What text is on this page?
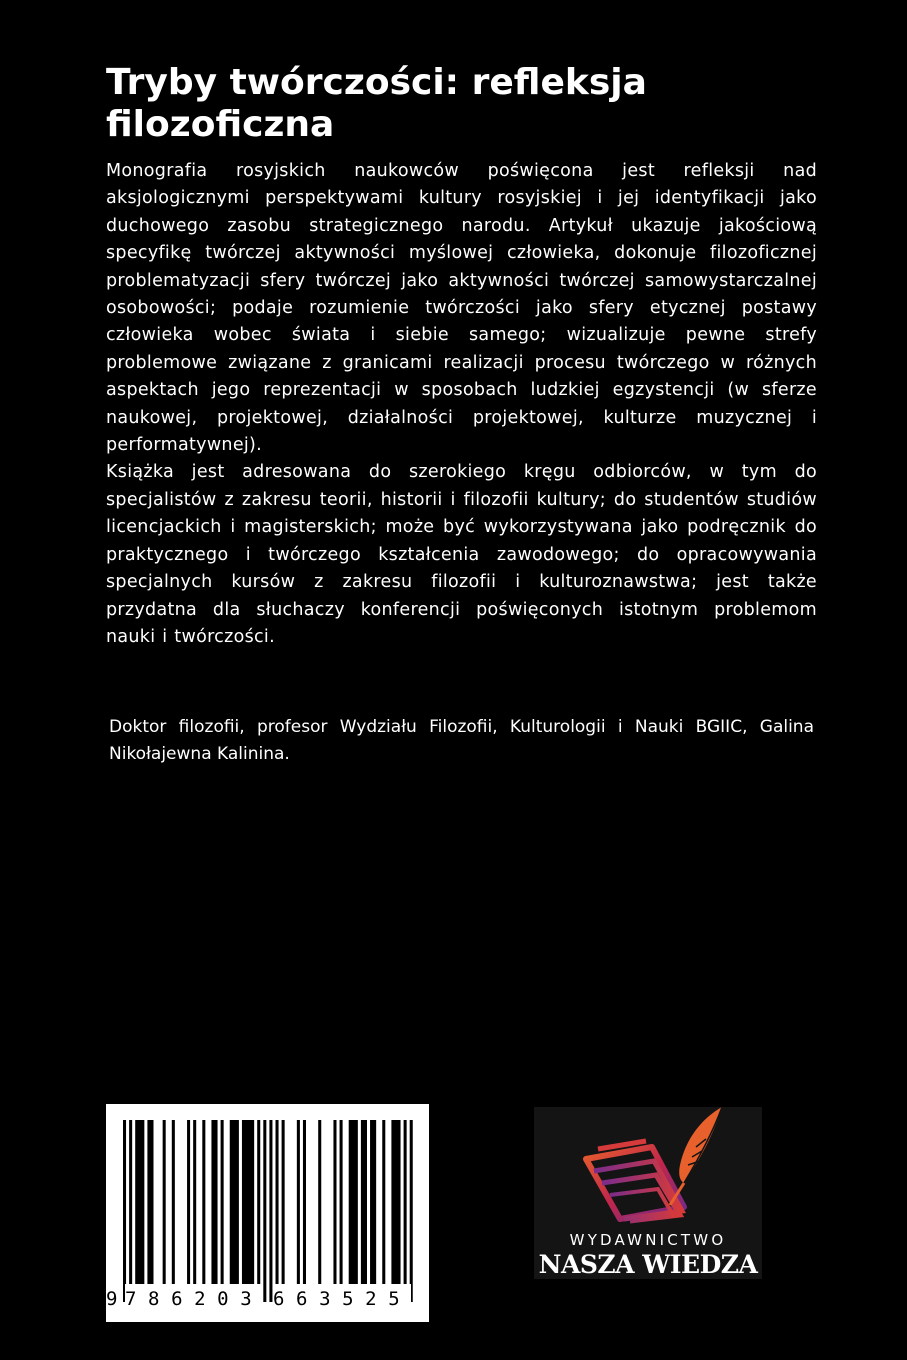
Tryby twórczości: refleksja filozoficzna

Monografia rosyjskich naukowców poświęcona jest refleksji nad aksjologicznymi perspektywami kultury rosyjskiej i jej identyfikacji jako duchowego zasobu strategicznego narodu. Artykuł ukazuje jakościową specyfikę twórczej aktywności myślowej człowieka, dokonuje filozoficznej problematyzacji sfery twórczej jako aktywności twórczej samowystarczalnej osobowości; podaje rozumienie twórczości jako sfery etycznej postawy człowieka wobec świata i siebie samego; wizualizuje pewne strefy problemowe związane z granicami realizacji procesu twórczego w różnych aspektach jego reprezentacji w sposobach ludzkiej egzystencji (w sferze naukowej, projektowej, działalności projektowej, kulturze muzycznej i performatywnej).

Książka jest adresowana do szerokiego kręgu odbiorców, w tym do specjalistów z zakresu teorii, historii i filozofii kultury; do studentów studiów licencjackich i magisterskich; może być wykorzystywana jako podręcznik do praktycznego i twórczego kształcenia zawodowego; do opracowywania specjalnych kursów z zakresu filozofii i kulturoznawstwa; jest także przydatna dla słuchaczy konferencji poświęconych istotnym problemom nauki i twórczości.

Doktor filozofii, profesor Wydziału Filozofii, Kulturologii i Nauki BGIIC, Galina Nikołajewna Kalinina.
9 786203 663525
WYDAWNICTWO
NASZA WIEDZA
